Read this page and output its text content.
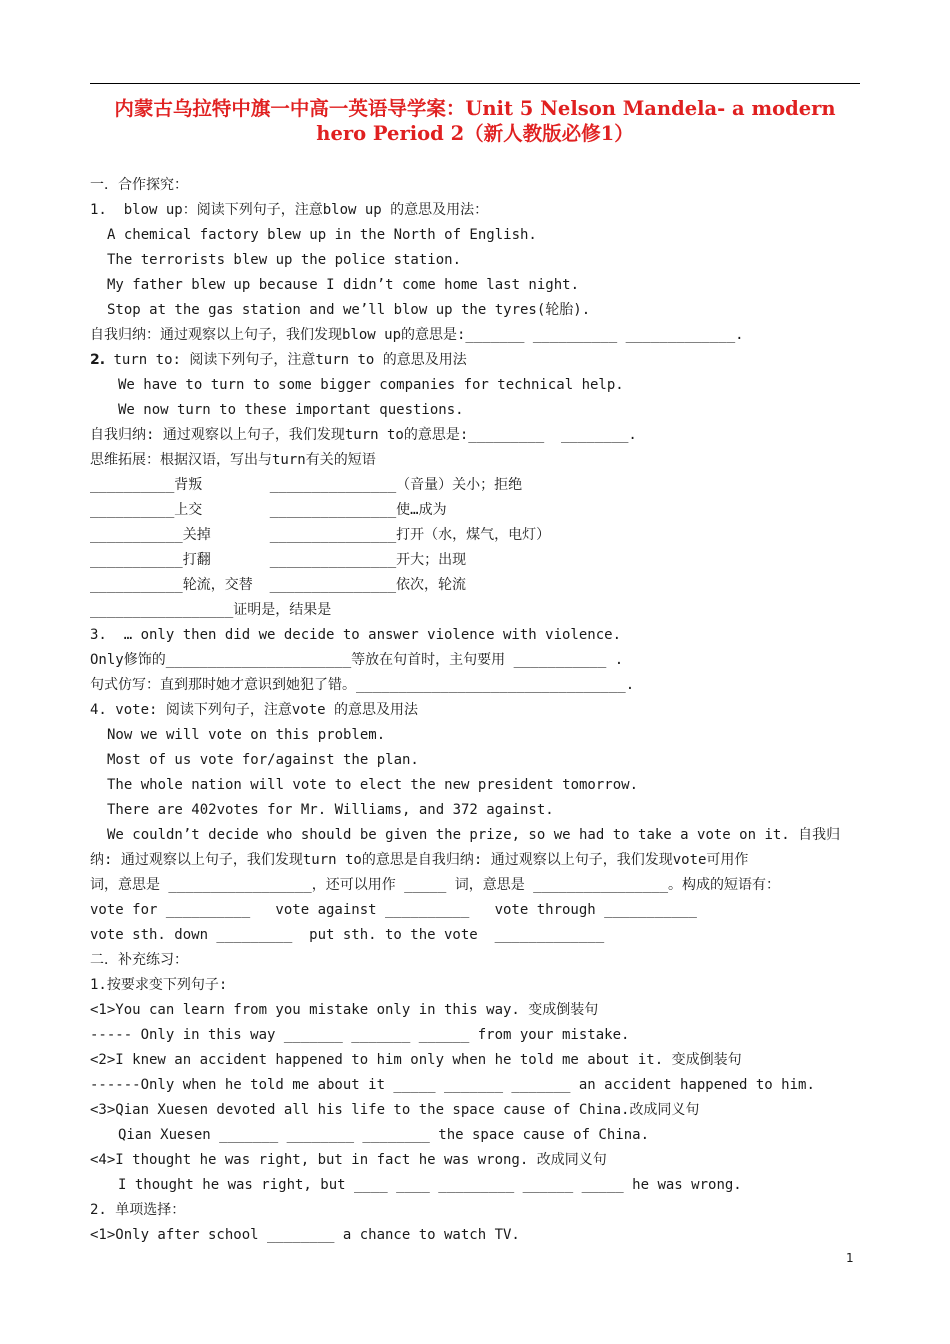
内蒙古乌拉特中旗一中高一英语导学案：Unit 5 Nelson Mandela- a modern
hero Period 2（新人教版必修1）
一．合作探究：
1.  blow up：阅读下列句子，注意blow up 的意思及用法：
A chemical factory blew up in the North of English.
The terrorists blew up the police station.
My father blew up because I didn’t come home last night.
Stop at the gas station and we’ll blow up the tyres(轮胎).
自我归纳：通过观察以上句子，我们发现blow up的意思是:_______ __________ _____________.
2. turn to: 阅读下列句子，注意turn to 的意思及用法
We have to turn to some bigger companies for technical help.
We now turn to these important questions.
自我归纳: 通过观察以上句子，我们发现turn to的意思是:_________  ________.
思维拓展：根据汉语，写出与turn有关的短语
__________背叛        _______________（音量）关小；拒绝
__________上交        _______________使…成为
___________关掉       _______________打开（水，煤气，电灯）
___________打翻       _______________开大；出现
___________轮流，交替  _______________依次，轮流
_________________证明是，结果是
3.  … only then did we decide to answer violence with violence.
Only修饰的______________________等放在句首时，主句要用 ___________ .
句式仿写：直到那时她才意识到她犯了错。________________________________.
4. vote: 阅读下列句子，注意vote 的意思及用法
Now we will vote on this problem.
Most of us vote for/against the plan.
The whole nation will vote to elect the new president tomorrow.
There are 402votes for Mr. Williams, and 372 against.
We couldn’t decide who should be given the prize, so we had to take a vote on it. 自我归
纳: 通过观察以上句子，我们发现turn to的意思是自我归纳: 通过观察以上句子，我们发现vote可用作
词，意思是 _________________，还可以用作 _____ 词，意思是 ________________。构成的短语有：
vote for __________   vote against __________   vote through ___________
vote sth. down _________  put sth. to the vote  _____________
二．补充练习：
1.按要求变下列句子:
<1>You can learn from you mistake only in this way. 变成倒装句
----- Only in this way _______ _______ ______ from your mistake.
<2>I knew an accident happened to him only when he told me about it. 变成倒装句
------Only when he told me about it _____ _______ _______ an accident happened to him.
<3>Qian Xuesen devoted all his life to the space cause of China.改成同义句
Qian Xuesen _______ ________ ________ the space cause of China.
<4>I thought he was right, but in fact he was wrong. 改成同义句
I thought he was right, but ____ ____ _________ ______ _____ he was wrong.
2. 单项选择：
<1>Only after school ________ a chance to watch TV.
1
